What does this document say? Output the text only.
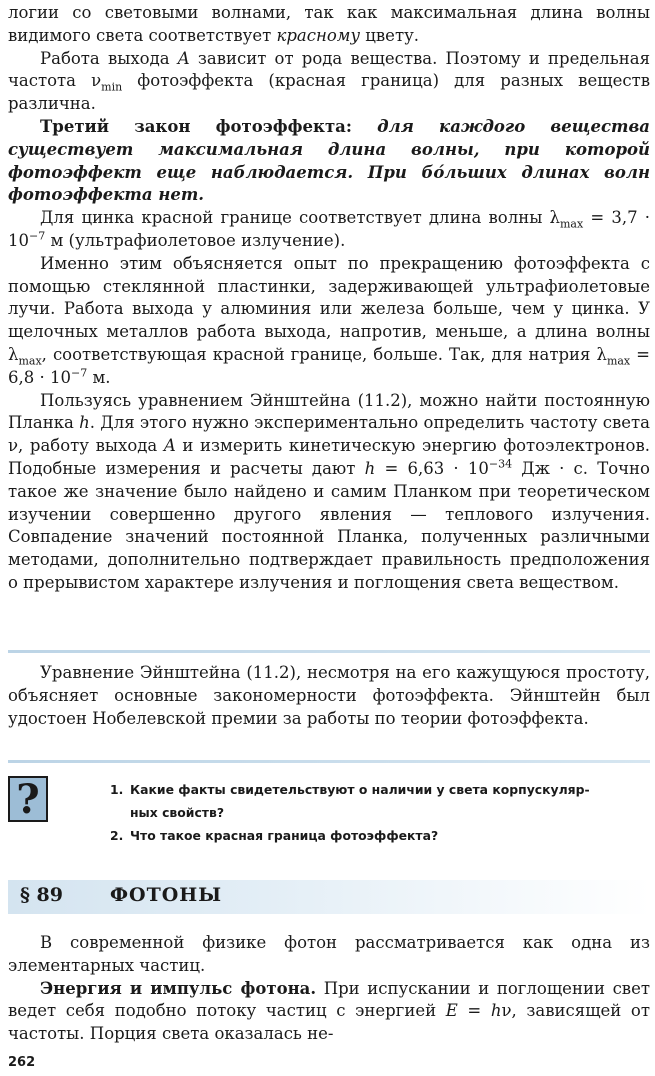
логии со световыми волнами, так как максимальная длина волны видимого света соответствует красному цвету.

Работа выхода A зависит от рода вещества. Поэтому и предельная частота $\nu_{min}$ фотоэффекта (красная граница) для разных веществ различна.

Третий закон фотоэффекта: для каждого вещества существует максимальная длина волны, при которой фотоэффект еще наблюдается. При бо́льших длинах волн фотоэффекта нет.

Для цинка красной границе соответствует длина волны $\lambda_{max} = 3,7 \cdot 10^{-7}$ м (ультрафиолетовое излучение).

Именно этим объясняется опыт по прекращению фотоэффекта с помощью стеклянной пластинки, задерживающей ультрафиолетовые лучи. Работа выхода у алюминия или железа больше, чем у цинка. У щелочных металлов работа выхода, напротив, меньше, а длина волны $\lambda_{max}$, соответствующая красной границе, больше. Так, для натрия $\lambda_{max} = 6,8 \cdot 10^{-7}$ м.

Пользуясь уравнением Эйнштейна (11.2), можно найти постоянную Планка h. Для этого нужно экспериментально определить частоту света ν, работу выхода A и измерить кинетическую энергию фотоэлектронов. Подобные измерения и расчеты дают $h = 6,63 \cdot 10^{-34}$ Дж · с. Точно такое же значение было найдено и самим Планком при теоретическом изучении совершенно другого явления — теплового излучения. Совпадение значений постоянной Планка, полученных различными методами, дополнительно подтверждает правильность предположения о прерывистом характере излучения и поглощения света веществом.

Уравнение Эйнштейна (11.2), несмотря на его кажущуюся простоту, объясняет основные закономерности фотоэффекта. Эйнштейн был удостоен Нобелевской премии за работы по теории фотоэффекта.

?	1. Какие факты свидетельствуют о наличии у света корпускуляр-
ных свойств?
2. Что такое красная граница фотоэффекта?
§ 89 ФОТОНЫ

В современной физике фотон рассматривается как одна из элементарных частиц.

Энергия и импульс фотона. При испускании и поглощении свет ведет себя подобно потоку частиц с энергией E = hν, зависящей от частоты. Порция света оказалась не-

262
